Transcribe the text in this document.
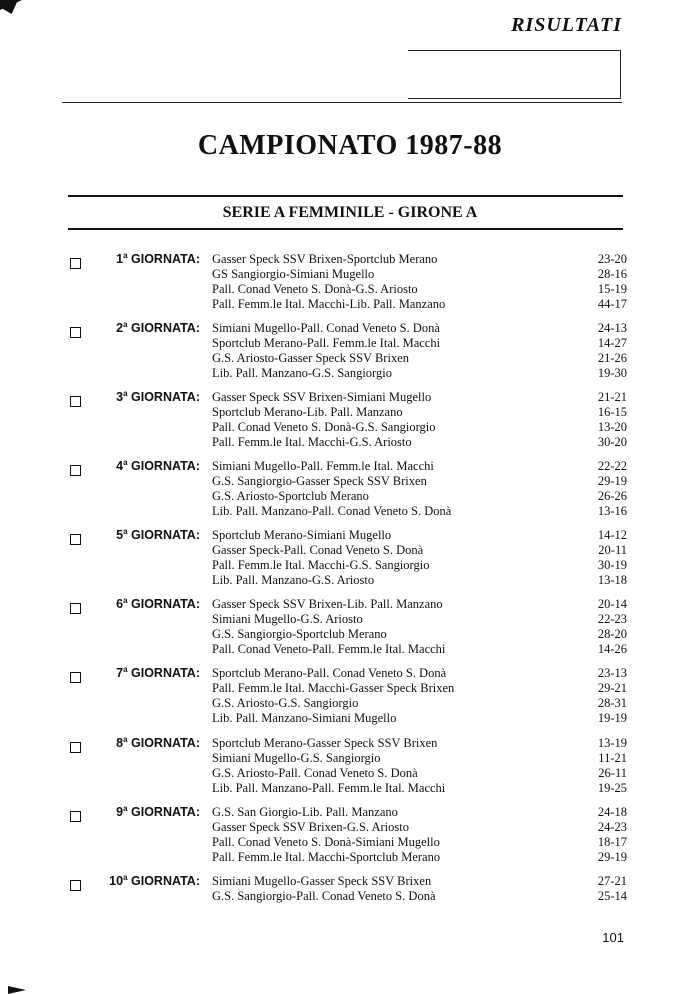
RISULTATI
CAMPIONATO 1987-88
SERIE A FEMMINILE - GIRONE A
1$^a$ GIORNATA: Gasser Speck SSV Brixen-Sportclub Merano	23-20
GS Sangiorgio-Simiani Mugello	28-16
Pall. Conad Veneto S. Donà-G.S. Ariosto	15-19
Pall. Femm.le Ital. Macchi-Lib. Pall. Manzano	44-17
2$^a$ GIORNATA: Simiani Mugello-Pall. Conad Veneto S. Donà	24-13
Sportclub Merano-Pall. Femm.le Ital. Macchi	14-27
G.S. Ariosto-Gasser Speck SSV Brixen	21-26
Lib. Pall. Manzano-G.S. Sangiorgio	19-30
3$^a$ GIORNATA: Gasser Speck SSV Brixen-Simiani Mugello	21-21
Sportclub Merano-Lib. Pall. Manzano	16-15
Pall. Conad Veneto S. Donà-G.S. Sangiorgio	13-20
Pall. Femm.le Ital. Macchi-G.S. Ariosto	30-20
4$^a$ GIORNATA: Simiani Mugello-Pall. Femm.le Ital. Macchi	22-22
G.S. Sangiorgio-Gasser Speck SSV Brixen	29-19
G.S. Ariosto-Sportclub Merano	26-26
Lib. Pall. Manzano-Pall. Conad Veneto S. Donà	13-16
5$^a$ GIORNATA: Sportclub Merano-Simiani Mugello	14-12
Gasser Speck-Pall. Conad Veneto S. Donà	20-11
Pall. Femm.le Ital. Macchi-G.S. Sangiorgio	30-19
Lib. Pall. Manzano-G.S. Ariosto	13-18
6$^a$ GIORNATA: Gasser Speck SSV Brixen-Lib. Pall. Manzano	20-14
Simiani Mugello-G.S. Ariosto	22-23
G.S. Sangiorgio-Sportclub Merano	28-20
Pall. Conad Veneto-Pall. Femm.le Ital. Macchi	14-26
7$^a$ GIORNATA: Sportclub Merano-Pall. Conad Veneto S. Donà	23-13
Pall. Femm.le Ital. Macchi-Gasser Speck Brixen	29-21
G.S. Ariosto-G.S. Sangiorgio	28-31
Lib. Pall. Manzano-Simiani Mugello	19-19
8$^a$ GIORNATA: Sportclub Merano-Gasser Speck SSV Brixen	13-19
Simiani Mugello-G.S. Sangiorgio	11-21
G.S. Ariosto-Pall. Conad Veneto S. Donà	26-11
Lib. Pall. Manzano-Pall. Femm.le Ital. Macchi	19-25
9$^a$ GIORNATA: G.S. San Giorgio-Lib. Pall. Manzano	24-18
Gasser Speck SSV Brixen-G.S. Ariosto	24-23
Pall. Conad Veneto S. Donà-Simiani Mugello	18-17
Pall. Femm.le Ital. Macchi-Sportclub Merano	29-19
10$^a$ GIORNATA: Simiani Mugello-Gasser Speck SSV Brixen	27-21
G.S. Sangiorgio-Pall. Conad Veneto S. Donà	25-14
101
